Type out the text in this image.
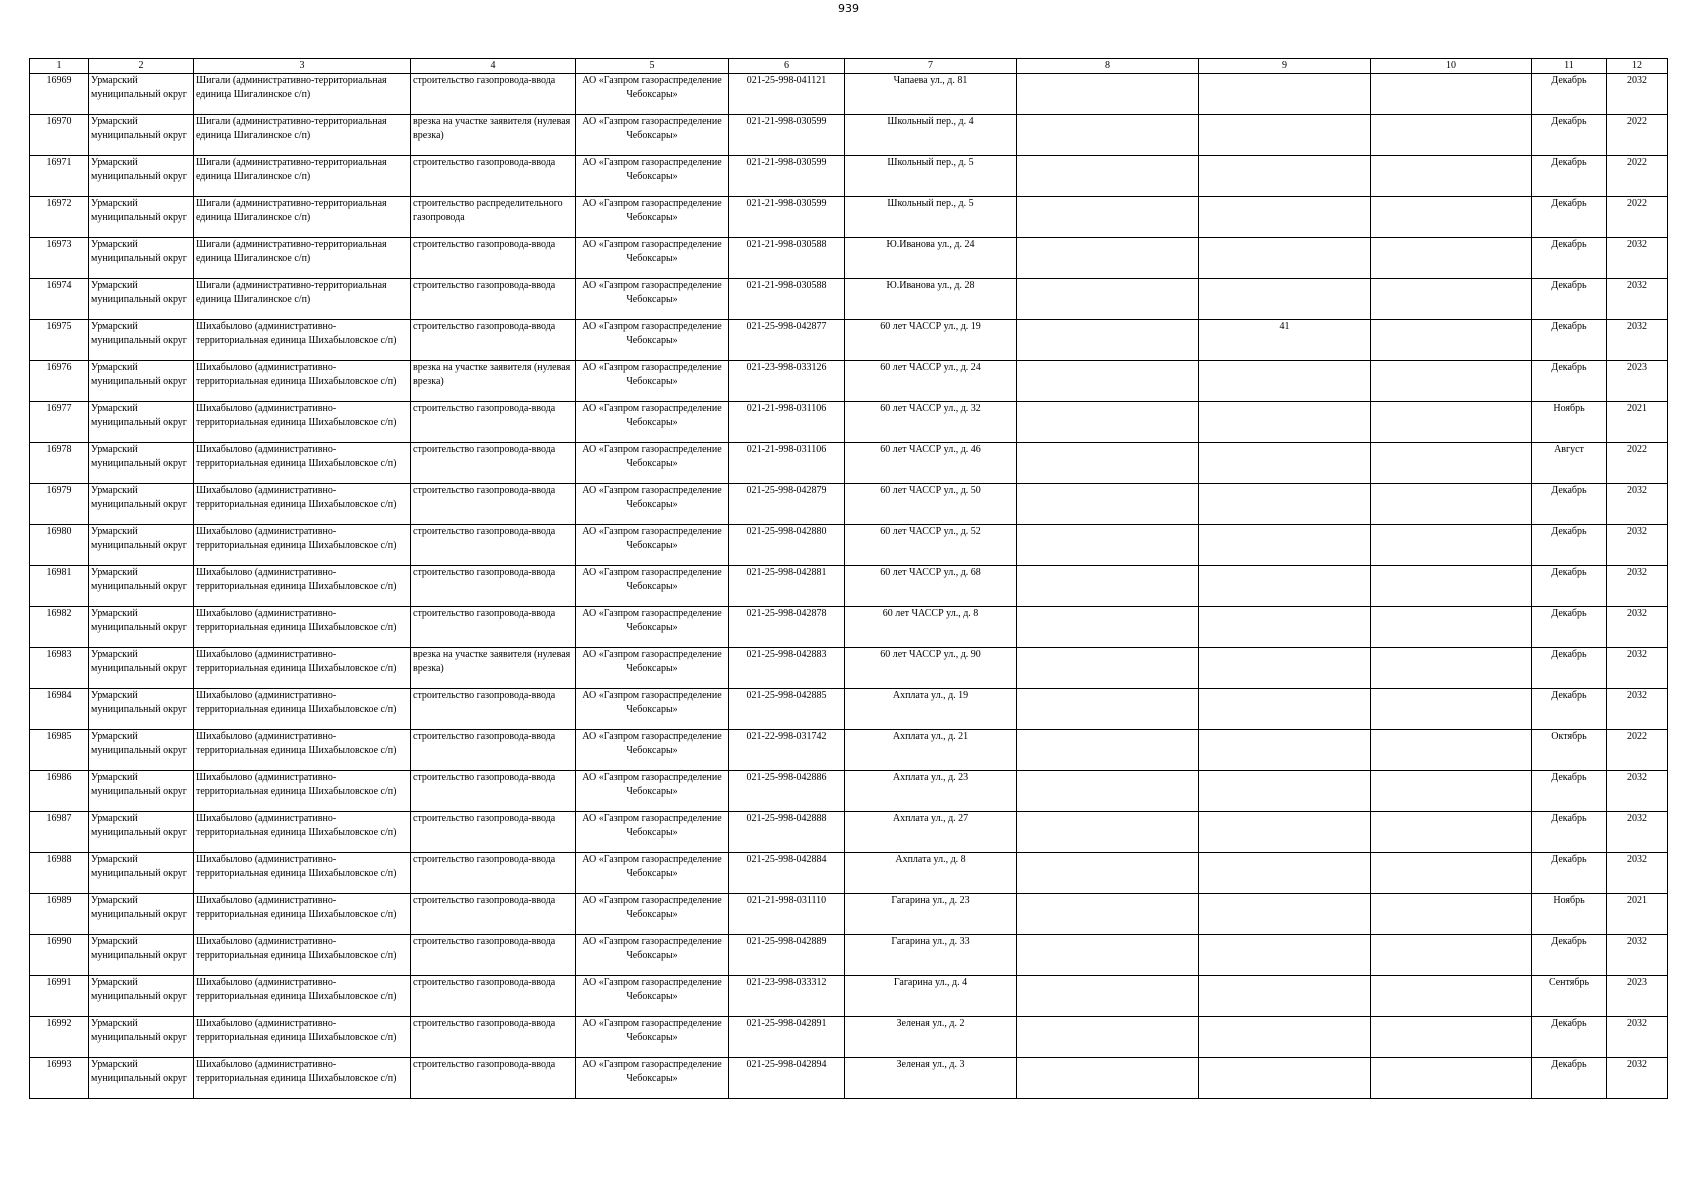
939
1	2	3	4	5	6	7	8	9	10	11	12
16969	Урмарский муниципальный округ	Шигали (административно-территориальная единица Шигалинское с/п)	строительство газопровода-ввода	АО «Газпром газораспределение Чебоксары»	021-25-998-041121	Чапаева ул., д. 81				Декабрь	2032
16970	Урмарский муниципальный округ	Шигали (административно-территориальная единица Шигалинское с/п)	врезка на участке заявителя (нулевая врезка)	АО «Газпром газораспределение Чебоксары»	021-21-998-030599	Школьный пер., д. 4				Декабрь	2022
16971	Урмарский муниципальный округ	Шигали (административно-территориальная единица Шигалинское с/п)	строительство газопровода-ввода	АО «Газпром газораспределение Чебоксары»	021-21-998-030599	Школьный пер., д. 5				Декабрь	2022
16972	Урмарский муниципальный округ	Шигали (административно-территориальная единица Шигалинское с/п)	строительство распределительного газопровода	АО «Газпром газораспределение Чебоксары»	021-21-998-030599	Школьный пер., д. 5				Декабрь	2022
16973	Урмарский муниципальный округ	Шигали (административно-территориальная единица Шигалинское с/п)	строительство газопровода-ввода	АО «Газпром газораспределение Чебоксары»	021-21-998-030588	Ю.Иванова ул., д. 24				Декабрь	2032
16974	Урмарский муниципальный округ	Шигали (административно-территориальная единица Шигалинское с/п)	строительство газопровода-ввода	АО «Газпром газораспределение Чебоксары»	021-21-998-030588	Ю.Иванова ул., д. 28				Декабрь	2032
16975	Урмарский муниципальный округ	Шихабылово (административно-территориальная единица Шихабыловское с/п)	строительство газопровода-ввода	АО «Газпром газораспределение Чебоксары»	021-25-998-042877	60 лет ЧАССР ул., д. 19		41		Декабрь	2032
16976	Урмарский муниципальный округ	Шихабылово (административно-территориальная единица Шихабыловское с/п)	врезка на участке заявителя (нулевая врезка)	АО «Газпром газораспределение Чебоксары»	021-23-998-033126	60 лет ЧАССР ул., д. 24				Декабрь	2023
16977	Урмарский муниципальный округ	Шихабылово (административно-территориальная единица Шихабыловское с/п)	строительство газопровода-ввода	АО «Газпром газораспределение Чебоксары»	021-21-998-031106	60 лет ЧАССР ул., д. 32				Ноябрь	2021
16978	Урмарский муниципальный округ	Шихабылово (административно-территориальная единица Шихабыловское с/п)	строительство газопровода-ввода	АО «Газпром газораспределение Чебоксары»	021-21-998-031106	60 лет ЧАССР ул., д. 46				Август	2022
16979	Урмарский муниципальный округ	Шихабылово (административно-территориальная единица Шихабыловское с/п)	строительство газопровода-ввода	АО «Газпром газораспределение Чебоксары»	021-25-998-042879	60 лет ЧАССР ул., д. 50				Декабрь	2032
16980	Урмарский муниципальный округ	Шихабылово (административно-территориальная единица Шихабыловское с/п)	строительство газопровода-ввода	АО «Газпром газораспределение Чебоксары»	021-25-998-042880	60 лет ЧАССР ул., д. 52				Декабрь	2032
16981	Урмарский муниципальный округ	Шихабылово (административно-территориальная единица Шихабыловское с/п)	строительство газопровода-ввода	АО «Газпром газораспределение Чебоксары»	021-25-998-042881	60 лет ЧАССР ул., д. 68				Декабрь	2032
16982	Урмарский муниципальный округ	Шихабылово (административно-территориальная единица Шихабыловское с/п)	строительство газопровода-ввода	АО «Газпром газораспределение Чебоксары»	021-25-998-042878	60 лет ЧАССР ул., д. 8				Декабрь	2032
16983	Урмарский муниципальный округ	Шихабылово (административно-территориальная единица Шихабыловское с/п)	врезка на участке заявителя (нулевая врезка)	АО «Газпром газораспределение Чебоксары»	021-25-998-042883	60 лет ЧАССР ул., д. 90				Декабрь	2032
16984	Урмарский муниципальный округ	Шихабылово (административно-территориальная единица Шихабыловское с/п)	строительство газопровода-ввода	АО «Газпром газораспределение Чебоксары»	021-25-998-042885	Ахплата ул., д. 19				Декабрь	2032
16985	Урмарский муниципальный округ	Шихабылово (административно-территориальная единица Шихабыловское с/п)	строительство газопровода-ввода	АО «Газпром газораспределение Чебоксары»	021-22-998-031742	Ахплата ул., д. 21				Октябрь	2022
16986	Урмарский муниципальный округ	Шихабылово (административно-территориальная единица Шихабыловское с/п)	строительство газопровода-ввода	АО «Газпром газораспределение Чебоксары»	021-25-998-042886	Ахплата ул., д. 23				Декабрь	2032
16987	Урмарский муниципальный округ	Шихабылово (административно-территориальная единица Шихабыловское с/п)	строительство газопровода-ввода	АО «Газпром газораспределение Чебоксары»	021-25-998-042888	Ахплата ул., д. 27				Декабрь	2032
16988	Урмарский муниципальный округ	Шихабылово (административно-территориальная единица Шихабыловское с/п)	строительство газопровода-ввода	АО «Газпром газораспределение Чебоксары»	021-25-998-042884	Ахплата ул., д. 8				Декабрь	2032
16989	Урмарский муниципальный округ	Шихабылово (административно-территориальная единица Шихабыловское с/п)	строительство газопровода-ввода	АО «Газпром газораспределение Чебоксары»	021-21-998-031110	Гагарина ул., д. 23				Ноябрь	2021
16990	Урмарский муниципальный округ	Шихабылово (административно-территориальная единица Шихабыловское с/п)	строительство газопровода-ввода	АО «Газпром газораспределение Чебоксары»	021-25-998-042889	Гагарина ул., д. 33				Декабрь	2032
16991	Урмарский муниципальный округ	Шихабылово (административно-территориальная единица Шихабыловское с/п)	строительство газопровода-ввода	АО «Газпром газораспределение Чебоксары»	021-23-998-033312	Гагарина ул., д. 4				Сентябрь	2023
16992	Урмарский муниципальный округ	Шихабылово (административно-территориальная единица Шихабыловское с/п)	строительство газопровода-ввода	АО «Газпром газораспределение Чебоксары»	021-25-998-042891	Зеленая ул., д. 2				Декабрь	2032
16993	Урмарский муниципальный округ	Шихабылово (административно-территориальная единица Шихабыловское с/п)	строительство газопровода-ввода	АО «Газпром газораспределение Чебоксары»	021-25-998-042894	Зеленая ул., д. 3				Декабрь	2032
